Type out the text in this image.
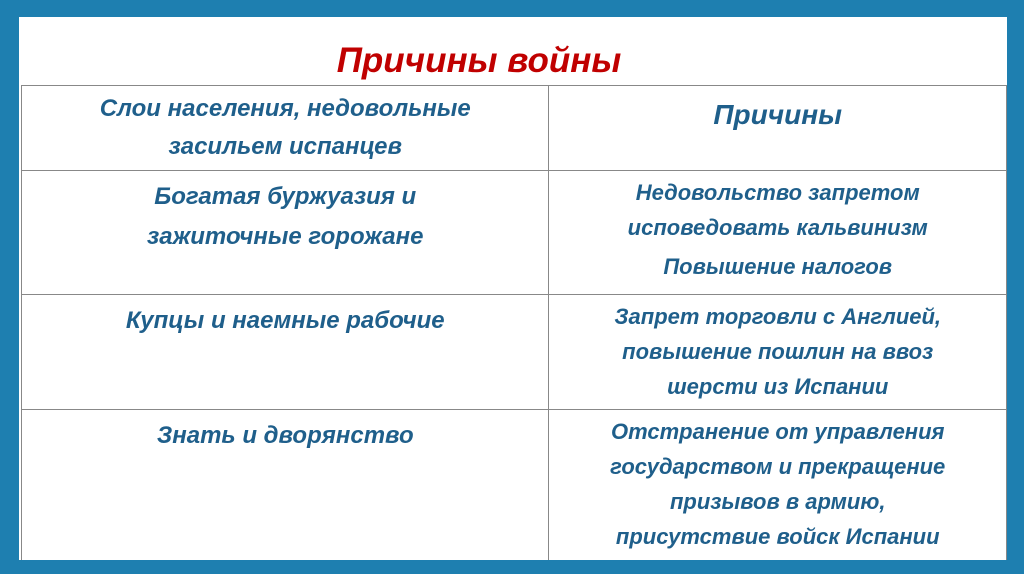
Причины войны
Слои населения, недовольные
засильем испанцев	Причины

Богатая буржуазия и
зажиточные горожане	Недовольство запретом
исповедовать кальвинизм
Повышение налогов

Купцы и наемные рабочие	Запрет торговли с Англией,
повышение пошлин на ввоз
шерсти из Испании

Знать и дворянство	Отстранение от управления
государством и прекращение
призывов в армию,
присутствие войск Испании
